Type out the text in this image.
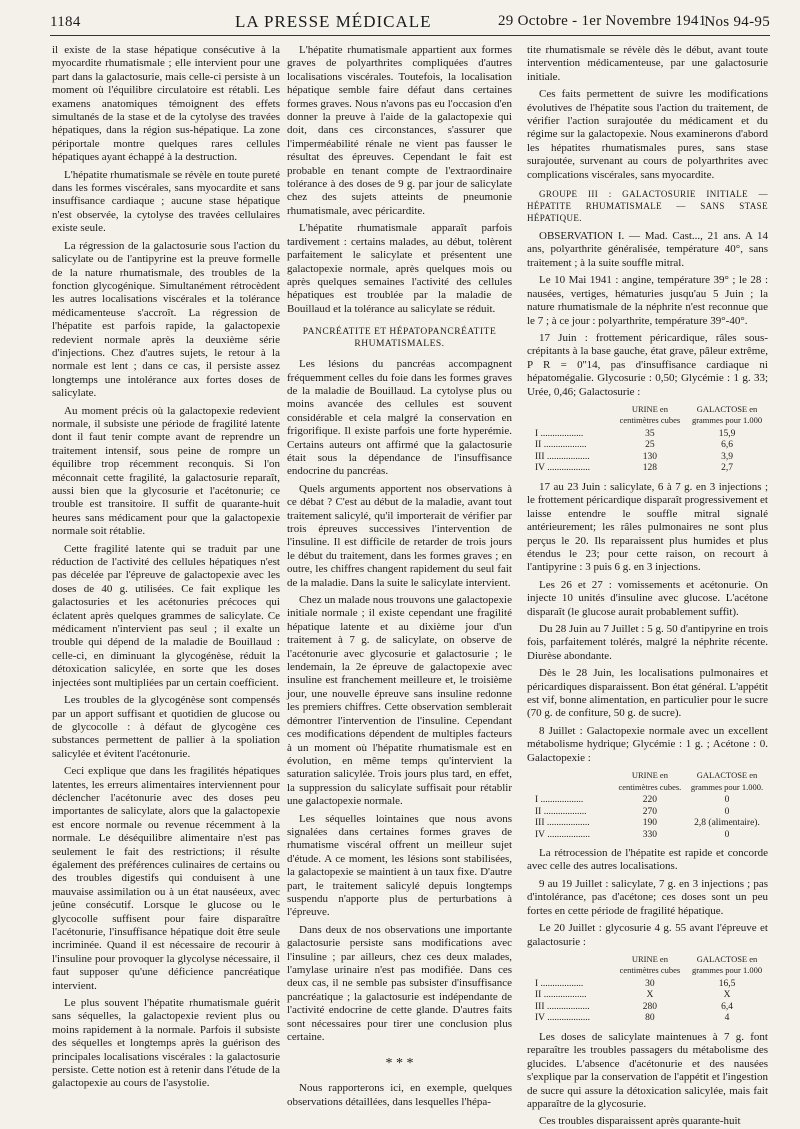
1184	LA PRESSE MÉDICALE	29 Octobre - 1er Novembre 1941
Nos 94-95

il existe de la stase hépatique consécutive à la myocardite rhumatismale ; elle intervient pour une part dans la galactosurie, mais celle-ci persiste à un moment où l'équilibre circulatoire est rétabli. Les examens anatomiques témoignent des effets simultanés de la stase et de la cytolyse des travées hépatiques, dans la région sus-hépatique. La zone périportale montre quelques rares cellules hépatiques ayant échappé à la destruction.

L'hépatite rhumatismale se révèle en toute pureté dans les formes viscérales, sans myocardite et sans insuffisance cardiaque ; aucune stase hépatique n'est observée, la cytolyse des travées cellulaires existe seule.

La régression de la galactosurie sous l'action du salicylate ou de l'antipyrine est la preuve formelle de la nature rhumatismale, des troubles de la fonction glycogénique. Simultanément rétrocèdent les autres localisations viscérales et la tolérance médicamenteuse s'accroît. La régression de l'hépatite est parfois rapide, la galactopexie redevient normale après la deuxième série d'injections. Chez d'autres sujets, le retour à la normale est lent ; dans ce cas, il persiste assez longtemps une intolérance aux fortes doses de salicylate.

Au moment précis où la galactopexie redevient normale, il subsiste une période de fragilité latente dont il faut tenir compte avant de reprendre un traitement intensif, sous peine de rompre un équilibre trop récemment reconquis. Si l'on méconnait cette fragilité, la galactosurie reparaît, aussi bien que la glycosurie et l'acétonurie; ce trouble est transitoire. Il suffit de quarante-huit heures sans médicament pour que la galactopexie normale soit rétablie.

Cette fragilité latente qui se traduit par une réduction de l'activité des cellules hépatiques n'est pas décelée par l'épreuve de galactopexie avec les doses de 40 g. utilisées. Ce fait explique les galactosuries et les acétonuries précoces qui éclatent après quelques grammes de salicylate. Ce médicament n'intervient pas seul ; il exalte un trouble qui dépend de la maladie de Bouillaud : celle-ci, en diminuant la glycogénèse, réduit la détoxication salicylée, en sorte que les doses injectées sont multipliées par un certain coefficient.

Les troubles de la glycogénèse sont compensés par un apport suffisant et quotidien de glucose ou de glycocolle : à défaut de glycogène ces substances permettent de pallier à la spoliation salicylée et évitent l'acétonurie.

Ceci explique que dans les fragilités hépatiques latentes, les erreurs alimentaires interviennent pour déclencher l'acétonurie avec des doses peu importantes de salicylate, alors que la galactopexie est encore normale ou revenue récemment à la normale. Le déséquilibre alimentaire n'est pas seulement le fait des restrictions; il résulte également des préférences culinaires de certains ou des troubles digestifs qui conduisent à une mauvaise assimilation ou à un état nauséeux, avec jeûne consécutif. Lorsque le glucose ou le glycocolle suffisent pour faire disparaître l'acétonurie, l'insuffisance hépatique doit être seule incriminée. Quand il est nécessaire de recourir à l'insuline pour provoquer la glycolyse nécessaire, il faut supposer qu'une déficience pancréatique intervient.

Le plus souvent l'hépatite rhumatismale guérit sans séquelles, la galactopexie revient plus ou moins rapidement à la normale. Parfois il subsiste des séquelles et longtemps après la guérison des principales localisations viscérales : la galactosurie persiste. Cette notion est à retenir dans l'étude de la galactopexie au cours de l'asystolie.

L'hépatite rhumatismale appartient aux formes graves de polyarthrites compliquées d'autres localisations viscérales. Toutefois, la localisation hépatique semble faire défaut dans certaines formes graves. Nous n'avons pas eu l'occasion d'en donner la preuve à l'aide de la galactopexie qui doit, dans ces circonstances, s'assurer que l'imperméabilité rénale ne vient pas fausser le résultat des épreuves. Cependant le fait est probable en tenant compte de l'extraordinaire tolérance à des doses de 9 g. par jour de salicylate chez des sujets atteints de pneumonie rhumatismale, avec péricardite.

L'hépatite rhumatismale apparaît parfois tardivement : certains malades, au début, tolèrent parfaitement le salicylate et présentent une galactopexie normale, après quelques mois ou après quelques semaines l'activité des cellules hépatiques est troublée par la maladie de Bouillaud et la tolérance au salicylate se réduit.

PANCRÉATITE ET HÉPATOPANCRÉATITE RHUMATISMALES.

Les lésions du pancréas accompagnent fréquemment celles du foie dans les formes graves de la maladie de Bouillaud. La cytolyse plus ou moins avancée des cellules est souvent considérable et cela malgré la conservation en frigorifique. Il existe parfois une forte hyperémie. Certains auteurs ont affirmé que la galactosurie était sous la dépendance de l'insuffisance endocrine du pancréas.

Quels arguments apportent nos observations à ce débat ? C'est au début de la maladie, avant tout traitement salicylé, qu'il importerait de vérifier par trois épreuves successives l'intervention de l'insuline. Il est difficile de retarder de trois jours le début du traitement, dans les formes graves ; en outre, les chiffres changent rapidement du seul fait de la maladie. Dans la suite le salicylate intervient.

Chez un malade nous trouvons une galactopexie initiale normale ; il existe cependant une fragilité hépatique latente et au dixième jour d'un traitement à 7 g. de salicylate, on observe de l'acétonurie avec glycosurie et galactosurie ; le lendemain, la 2e épreuve de galactopexie avec insuline est franchement meilleure et, le troisième jour, une nouvelle épreuve sans insuline redonne les premiers chiffres. Cette observation semblerait démontrer l'intervention de l'insuline. Cependant ces modifications dépendent de multiples facteurs à un moment où l'hépatite rhumatismale est en évolution, en même temps qu'intervient la saturation salicylée. Trois jours plus tard, en effet, la suppression du salicylate suffisait pour rétablir une galactopexie normale.

Les séquelles lointaines que nous avons signalées dans certaines formes graves de rhumatisme viscéral offrent un meilleur sujet d'étude. A ce moment, les lésions sont stabilisées, la galactopexie se maintient à un taux fixe. D'autre part, le traitement salicylé depuis longtemps suspendu n'apporte plus de perturbations à l'épreuve.

Dans deux de nos observations une importante galactosurie persiste sans modifications avec l'insuline ; par ailleurs, chez ces deux malades, l'amylase urinaire n'est pas modifiée. Dans ces deux cas, il ne semble pas subsister d'insuffisance pancréatique ; la galactosurie est indépendante de l'activité endocrine de cette glande. D'autres faits sont nécessaires pour tirer une conclusion plus certaine.

* * *

Nous rapporterons ici, en exemple, quelques observations détaillées, dans lesquelles l'hépa-

tite rhumatismale se révèle dès le début, avant toute intervention médicamenteuse, par une galactosurie initiale.

Ces faits permettent de suivre les modifications évolutives de l'hépatite sous l'action du traitement, de vérifier l'action surajoutée du médicament et du régime sur la galactopexie. Nous examinerons d'abord les hépatites rhumatismales pures, sans stase surajoutée, survenant au cours de polyarthrites avec complications viscérales, sans myocardite.

GROUPE III : GALACTOSURIE INITIALE — HÉPATITE RHUMATISMALE — SANS STASE HÉPATIQUE.

OBSERVATION I. — Mad. Cast..., 21 ans. A 14 ans, polyarthrite généralisée, température 40°, sans traitement ; à la suite souffle mitral.

Le 10 Mai 1941 : angine, température 39° ; le 28 : nausées, vertiges, hématuries jusqu'au 5 Juin ; la nature rhumatismale de la néphrite n'est reconnue que le 7 ; à ce jour : polyarthrite, température 39°-40°.

17 Juin : frottement péricardique, râles sous-crépitants à la base gauche, état grave, pâleur extrême, P R = 0''14, pas d'insuffisance cardiaque ni hépatomégalie. Glycosurie : 0,50; Glycémie : 1 g. 33; Urée, 0,46; Galactosurie :

	URINE en centimètres cubes	GALACTOSE en grammes pour 1.000
I ..................	35	15,9
II ..................	25	6,6
III ..................	130	3,9
IV ..................	128	2,7

17 au 23 Juin : salicylate, 6 à 7 g. en 3 injections ; le frottement péricardique disparaît progressivement et laisse entendre le souffle mitral signalé antérieurement; les râles pulmonaires ne sont plus perçus le 20. Ils reparaissent plus humides et plus étendus le 23; pour cette raison, on recourt à l'antipyrine : 3 puis 6 g. en 3 injections.

Les 26 et 27 : vomissements et acétonurie. On injecte 10 unités d'insuline avec glucose. L'acétone disparaît (le glucose aurait probablement suffit).

Du 28 Juin au 7 Juillet : 5 g. 50 d'antipyrine en trois fois, parfaitement tolérés, malgré la néphrite récente. Diurèse abondante.

Dès le 28 Juin, les localisations pulmonaires et péricardiques disparaissent. Bon état général. L'appétit est vif, bonne alimentation, en particulier pour le sucre (70 g. de confiture, 50 g. de sucre).

8 Juillet : Galactopexie normale avec un excellent métabolisme hydrique; Glycémie : 1 g. ; Acétone : 0. Galactopexie :

	URINE en centimètres cubes.	GALACTOSE en grammes pour 1.000.
I ..................	220	0
II ..................	270	0
III ..................	190	2,8 (alimentaire).
IV ..................	330	0

La rétrocession de l'hépatite est rapide et concorde avec celle des autres localisations.

9 au 19 Juillet : salicylate, 7 g. en 3 injections ; pas d'intolérance, pas d'acétone; ces doses sont un peu fortes en cette période de fragilité hépatique.

Le 20 Juillet : glycosurie 4 g. 55 avant l'épreuve et galactosurie :

	URINE en centimètres cubes	GALACTOSE en grammes pour 1.000
I ..................	30	16,5
II ..................	X	X
III ..................	280	6,4
IV ..................	80	4

Les doses de salicylate maintenues à 7 g. font reparaître les troubles passagers du métabolisme des glucides. L'absence d'acétonurie et des nausées s'explique par la conservation de l'appétit et l'ingestion de sucre qui assure la détoxication salicylée, mais fait apparaître de la glycosurie.

Ces troubles disparaissent après quarante-huit
